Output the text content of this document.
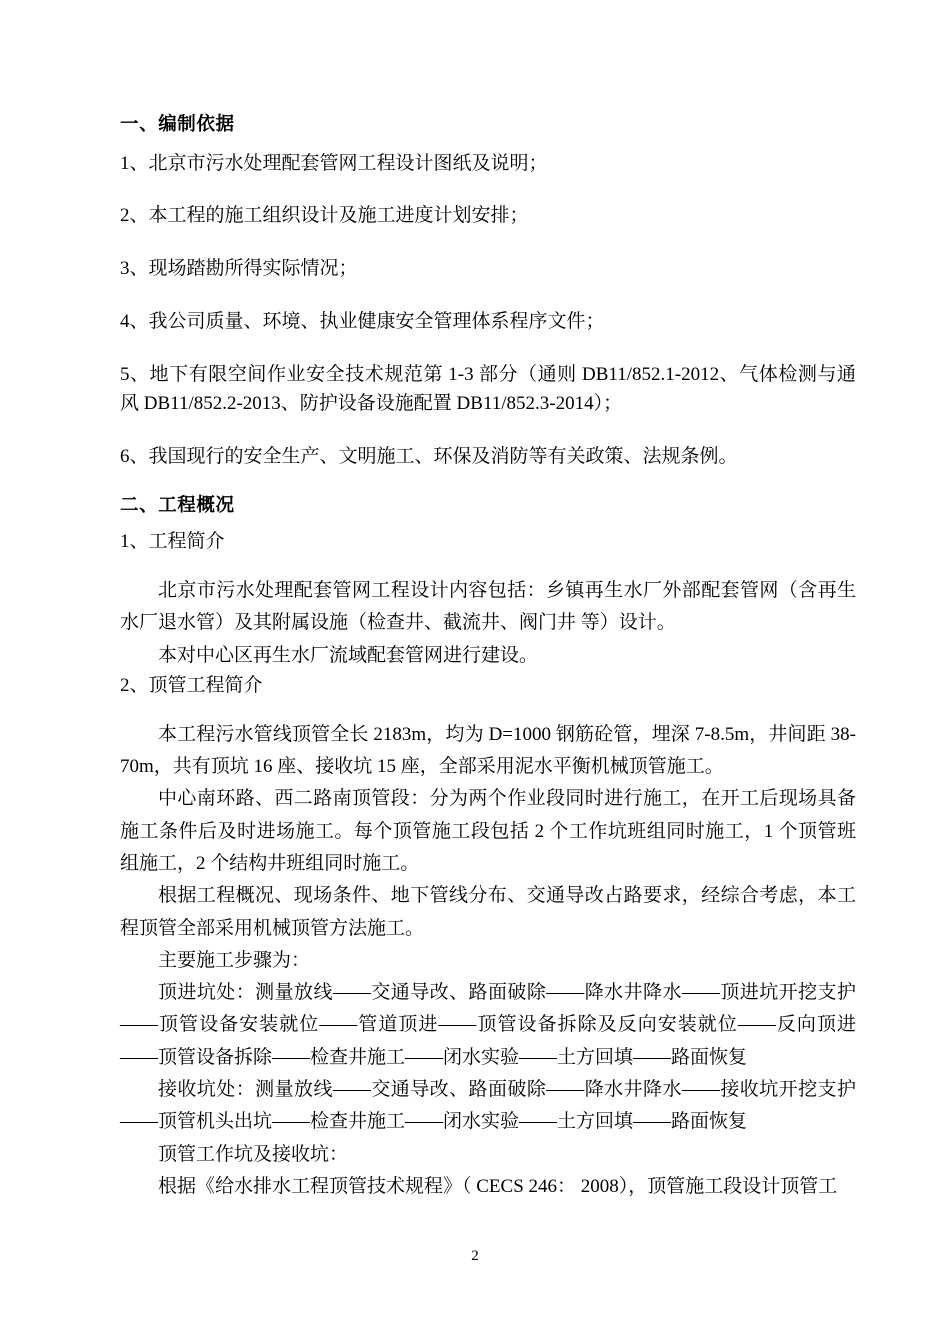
一、编制依据

1、北京市污水处理配套管网工程设计图纸及说明；

2、本工程的施工组织设计及施工进度计划安排；

3、现场踏勘所得实际情况；

4、我公司质量、环境、执业健康安全管理体系程序文件；

5、地下有限空间作业安全技术规范第 1-3 部分（通则 DB11/852.1-2012、气体检测与通风 DB11/852.2-2013、防护设备设施配置 DB11/852.3-2014）；

6、我国现行的安全生产、文明施工、环保及消防等有关政策、法规条例。

二、工程概况

1、工程简介

北京市污水处理配套管网工程设计内容包括：乡镇再生水厂外部配套管网（含再生水厂退水管）及其附属设施（检查井、截流井、阀门井 等）设计。

本对中心区再生水厂流域配套管网进行建设。

2、顶管工程简介

本工程污水管线顶管全长 2183m，均为 D=1000 钢筋砼管，埋深 7-8.5m，井间距 38-70m，共有顶坑 16 座、接收坑 15 座，全部采用泥水平衡机械顶管施工。

中心南环路、西二路南顶管段：分为两个作业段同时进行施工，在开工后现场具备施工条件后及时进场施工。每个顶管施工段包括 2 个工作坑班组同时施工，1 个顶管班组施工，2 个结构井班组同时施工。

根据工程概况、现场条件、地下管线分布、交通导改占路要求，经综合考虑，本工程顶管全部采用机械顶管方法施工。

主要施工步骤为：

顶进坑处：测量放线——交通导改、路面破除——降水井降水——顶进坑开挖支护——顶管设备安装就位——管道顶进——顶管设备拆除及反向安装就位——反向顶进——顶管设备拆除——检查井施工——闭水实验——土方回填——路面恢复

接收坑处：测量放线——交通导改、路面破除——降水井降水——接收坑开挖支护——顶管机头出坑——检查井施工——闭水实验——土方回填——路面恢复

顶管工作坑及接收坑：

根据《给水排水工程顶管技术规程》（ CECS 246： 2008），顶管施工段设计顶管工

2
